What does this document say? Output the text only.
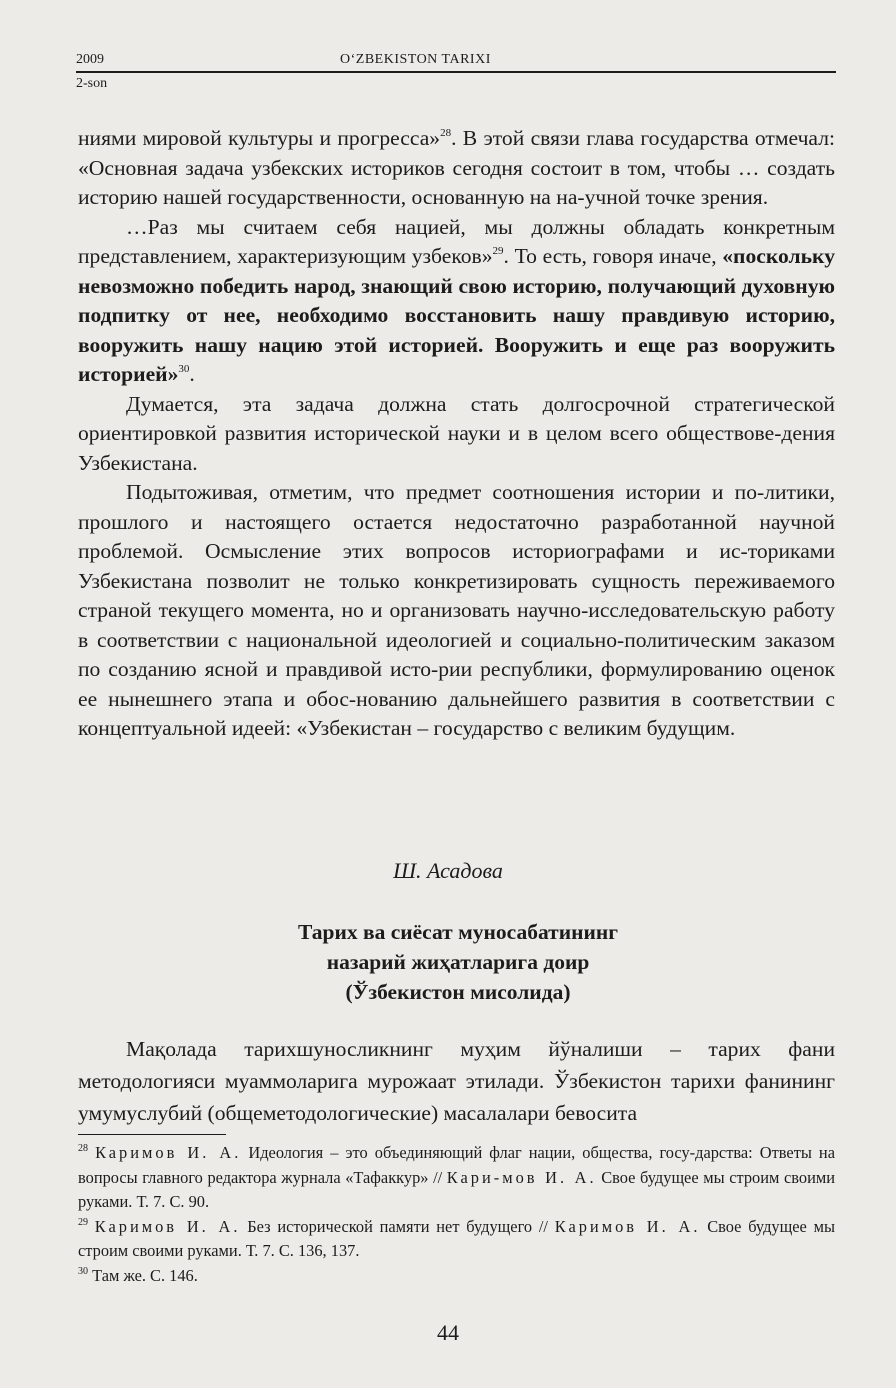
2009	O‘ZBEKISTON TARIXI
2-son

ниями мировой культуры и прогресса»$^{28}$. В этой связи глава государства отмечал: «Основная задача узбекских историков сегодня состоит в том, чтобы … создать историю нашей государственности, основанную на на-учной точке зрения.

…Раз мы считаем себя нацией, мы должны обладать конкретным представлением, характеризующим узбеков»$^{29}$. То есть, говоря иначе, «поскольку невозможно победить народ, знающий свою историю, получающий духовную подпитку от нее, необходимо восстановить нашу правдивую историю, вооружить нашу нацию этой историей. Вооружить и еще раз вооружить историей»$^{30}$.

Думается, эта задача должна стать долгосрочной стратегической ориентировкой развития исторической науки и в целом всего обществове-дения Узбекистана.

Подытоживая, отметим, что предмет соотношения истории и по-литики, прошлого и настоящего остается недостаточно разработанной научной проблемой. Осмысление этих вопросов историографами и ис-ториками Узбекистана позволит не только конкретизировать сущность переживаемого страной текущего момента, но и организовать научно-исследовательскую работу в соответствии с национальной идеологией и социально-политическим заказом по созданию ясной и правдивой исто-рии республики, формулированию оценок ее нынешнего этапа и обос-нованию дальнейшего развития в соответствии с концептуальной идеей: «Узбекистан – государство с великим будущим.

Ш. Асадова
Тарих ва сиёсат муносабатининг
назарий жиҳатларига доир
(Ўзбекистон мисолида)

Мақолада тарихшуносликнинг муҳим йўналиши – тарих фани методологияси муаммоларига мурожаат этилади. Ўзбекистон тарихи фанининг умумуслубий (общеметодологические) масалалари бевосита

$^{28}$ Каримов И. А. Идеология – это объединяющий флаг нации, общества, госу-дарства: Ответы на вопросы главного редактора журнала «Тафаккур» // Кари-мов И. А. Свое будущее мы строим своими руками. Т. 7. С. 90.

$^{29}$ Каримов И. А. Без исторической памяти нет будущего // Каримов И. А. Свое будущее мы строим своими руками. Т. 7. С. 136, 137.

$^{30}$ Там же. С. 146.

44
